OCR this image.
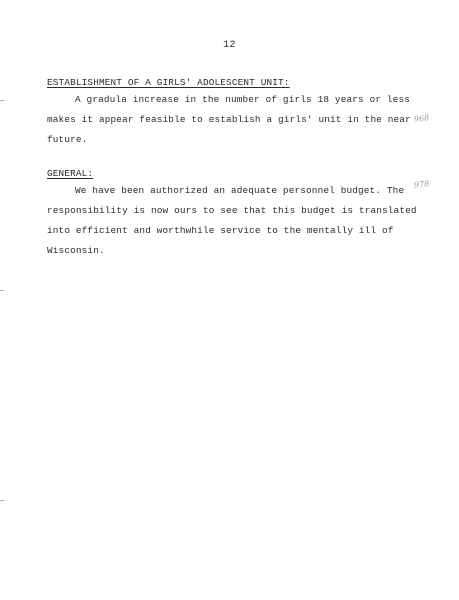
12
ESTABLISHMENT OF A GIRLS' ADOLESCENT UNIT:
A gradula increase in the number of girls 18 years or less
makes it appear feasible to establish a girls' unit in the near
future.
GENERAL:
We have been authorized an adequate personnel budget. The
responsibility is now ours to see that this budget is translated
into efficient and worthwhile service to the mentally ill of
Wisconsin.
968
978
